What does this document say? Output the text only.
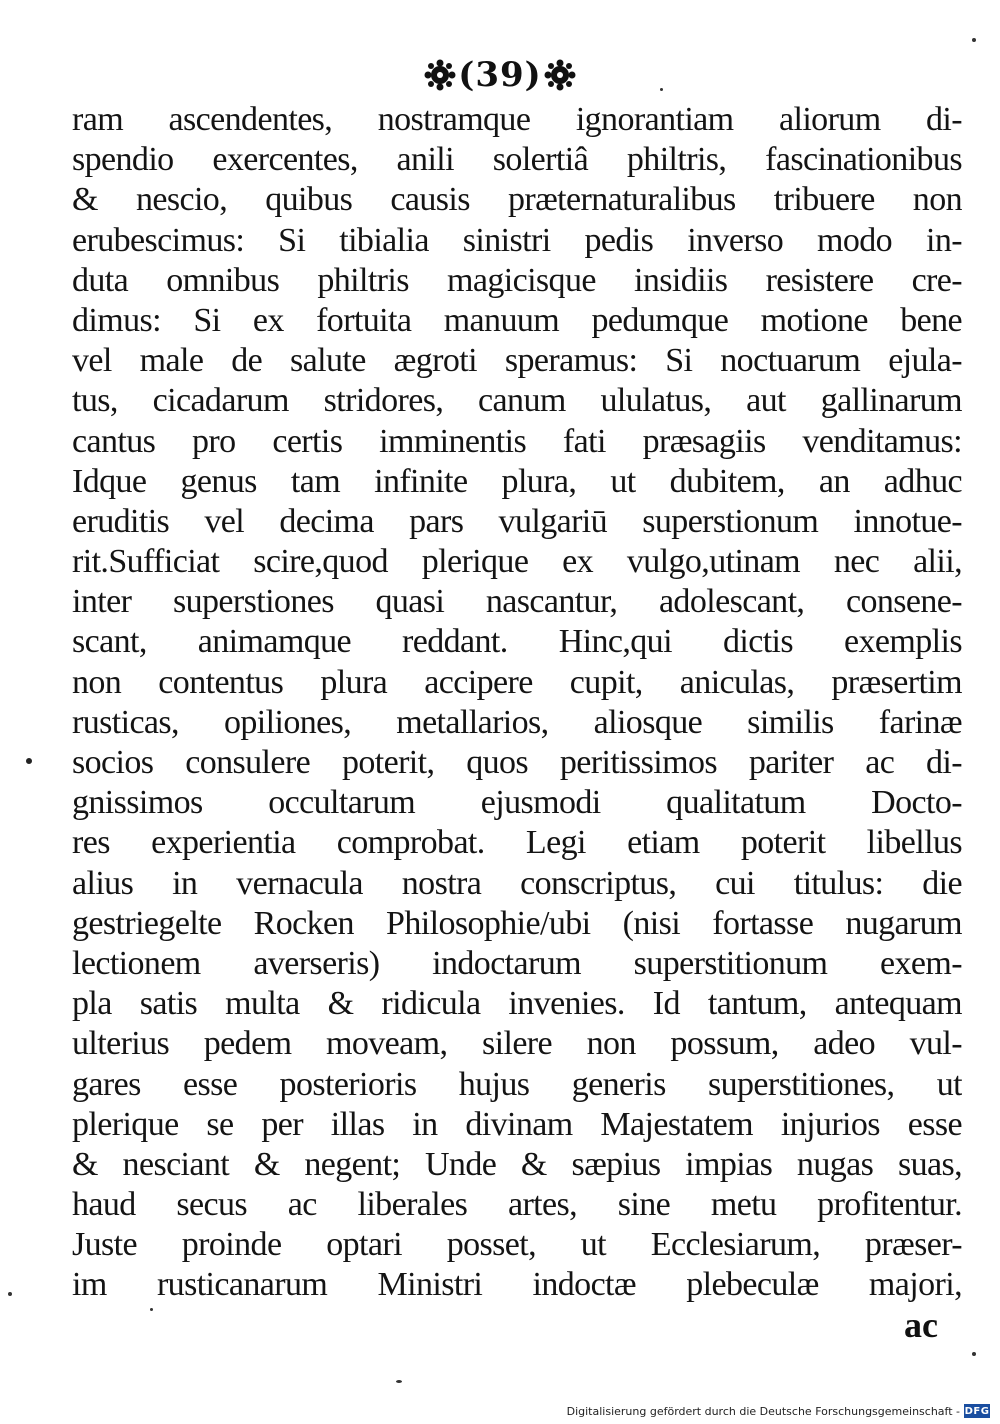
(39)
ram ascendentes, nostramque ignorantiam aliorum di-
spendio exercentes, anili solertiâ philtris, fascinationibus
& nescio, quibus causis præternaturalibus tribuere non
erubescimus: Si tibialia sinistri pedis inverso modo in-
duta omnibus philtris magicisque insidiis resistere cre-
dimus: Si ex fortuita manuum pedumque motione bene
vel male de salute ægroti speramus: Si noctuarum ejula-
tus, cicadarum stridores, canum ululatus, aut gallinarum
cantus pro certis imminentis fati præsagiis venditamus:
Idque genus tam infinite plura, ut dubitem, an adhuc
eruditis vel decima pars vulgariū superstionum innotue-
rit.Sufficiat scire,quod plerique ex vulgo,utinam nec alii,
inter superstiones quasi nascantur, adolescant, consene-
scant, animamque reddant. Hinc,qui dictis exemplis
non contentus plura accipere cupit, aniculas, præsertim
rusticas, opiliones, metallarios, aliosque similis farinæ
socios consulere poterit, quos peritissimos pariter ac di-
gnissimos occultarum ejusmodi qualitatum Docto-
res experientia comprobat. Legi etiam poterit libellus
alius in vernacula nostra conscriptus, cui titulus: die
gestriegelte Rocken Philosophie/ubi (nisi fortasse nugarum
lectionem averseris) indoctarum superstitionum exem-
pla satis multa & ridicula invenies. Id tantum, antequam
ulterius pedem moveam, silere non possum, adeo vul-
gares esse posterioris hujus generis superstitiones, ut
plerique se per illas in divinam Majestatem injurios esse
& nesciant & negent; Unde & sæpius impias nugas suas,
haud secus ac liberales artes, sine metu profitentur.
Juste proinde optari posset, ut Ecclesiarum, præser-
im rusticanarum Ministri indoctæ plebeculæ majori,
ac
Digitalisierung gefördert durch die Deutsche Forschungsgemeinschaft - DFG
